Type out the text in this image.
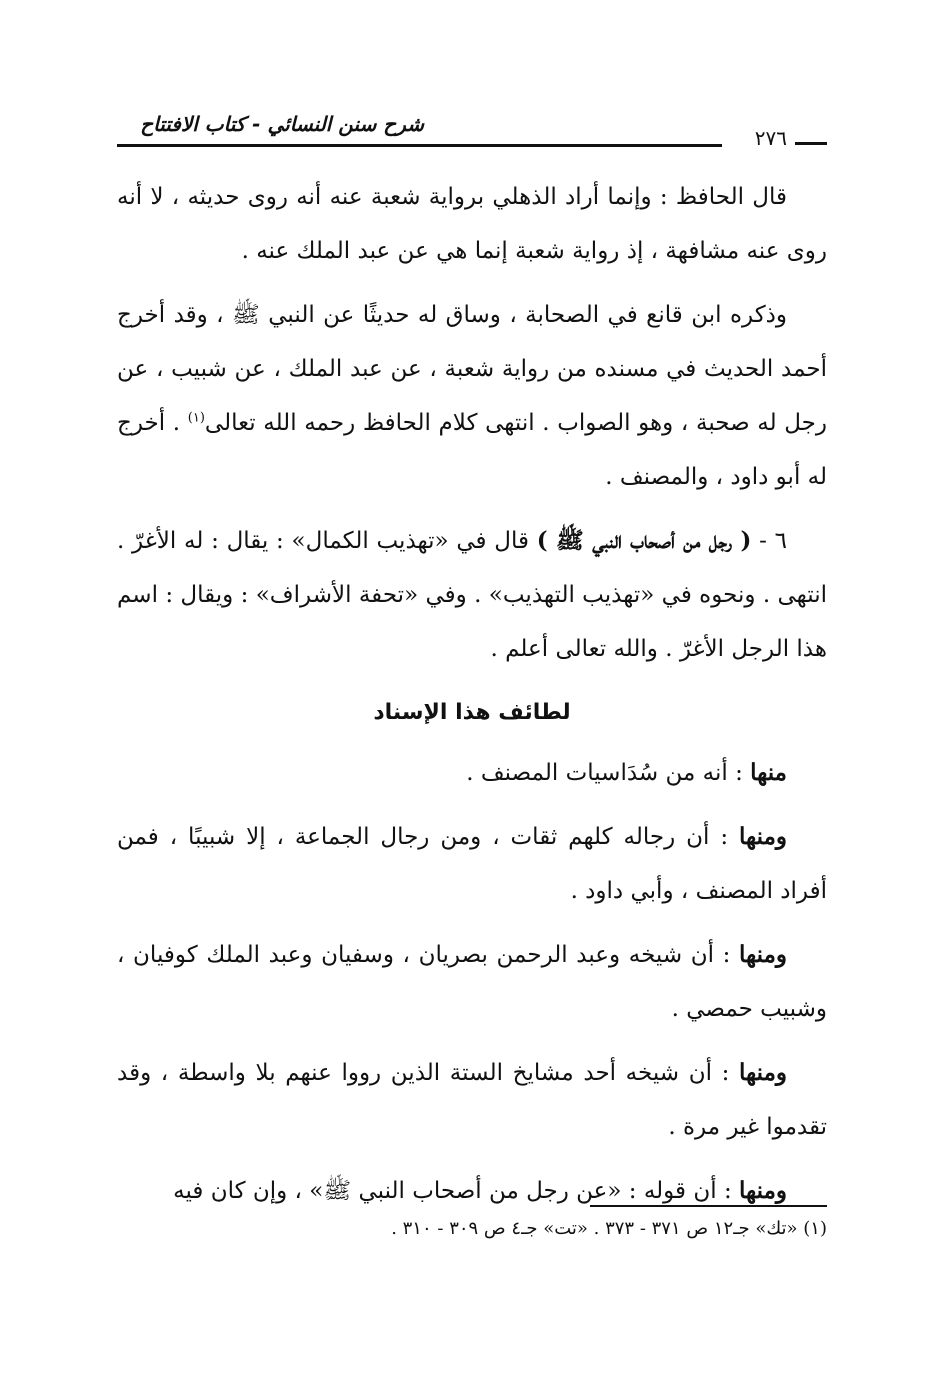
شرح سنن النسائي - كتاب الافتتاح
٢٧٦

قال الحافظ : وإنما أراد الذهلي برواية شعبة عنه أنه روى حديثه ، لا أنه روى عنه مشافهة ، إذ رواية شعبة إنما هي عن عبد الملك عنه .

وذكره ابن قانع في الصحابة ، وساق له حديثًا عن النبي ﷺ ، وقد أخرج أحمد الحديث في مسنده من رواية شعبة ، عن عبد الملك ، عن شبيب ، عن رجل له صحبة ، وهو الصواب . انتهى كلام الحافظ رحمه الله تعالى$^{(١)}$ . أخرج له أبو داود ، والمصنف .

٦ - ( رجل من أصحاب النبي ﷺ ) قال في «تهذيب الكمال» : يقال : له الأغرّ . انتهى . ونحوه في «تهذيب التهذيب» . وفي «تحفة الأشراف» : ويقال : اسم هذا الرجل الأغرّ . والله تعالى أعلم .

لطائف هذا الإسناد

منها : أنه من سُدَاسيات المصنف .

ومنها : أن رجاله كلهم ثقات ، ومن رجال الجماعة ، إلا شبيبًا ، فمن أفراد المصنف ، وأبي داود .

ومنها : أن شيخه وعبد الرحمن بصريان ، وسفيان وعبد الملك كوفيان ، وشبيب حمصي .

ومنها : أن شيخه أحد مشايخ الستة الذين رووا عنهم بلا واسطة ، وقد تقدموا غير مرة .

ومنها : أن قوله : «عن رجل من أصحاب النبي ﷺ» ، وإن كان فيه

(١) «تك» جـ١٢ ص ٣٧١ - ٣٧٣ . «تت» جـ٤ ص ٣٠٩ - ٣١٠ .
